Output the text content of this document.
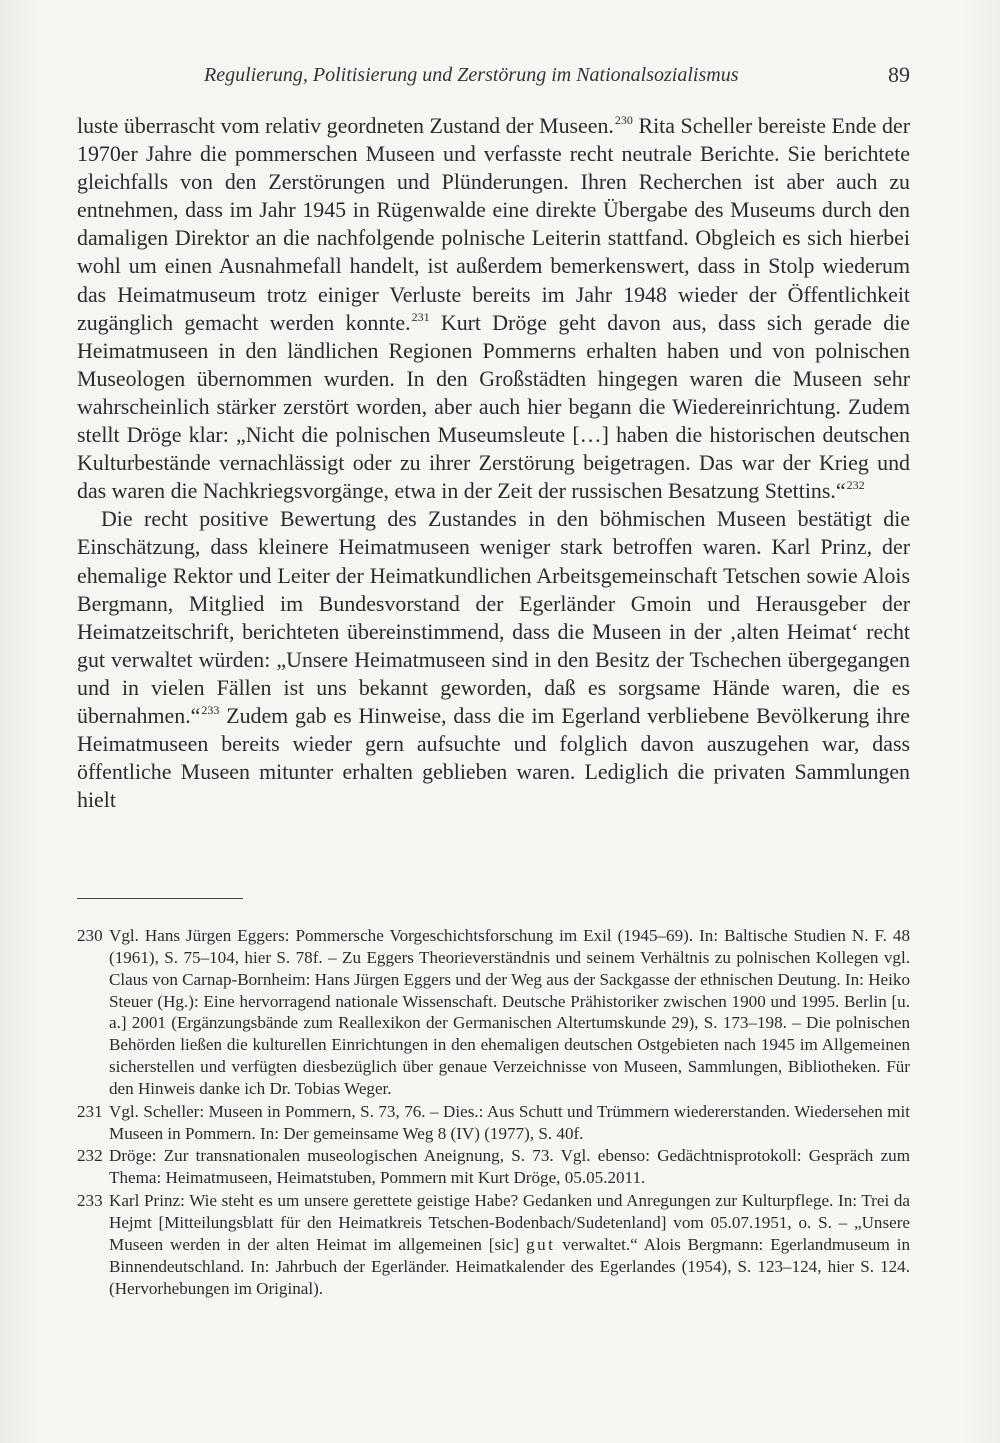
Regulierung, Politisierung und Zerstörung im Nationalsozialismus	89

luste überrascht vom relativ geordneten Zustand der Museen.$^{230}$ Rita Scheller bereiste Ende der 1970er Jahre die pommerschen Museen und verfasste recht neutrale Berichte. Sie berichtete gleichfalls von den Zerstörungen und Plünderungen. Ihren Recherchen ist aber auch zu entnehmen, dass im Jahr 1945 in Rügenwalde eine direkte Übergabe des Museums durch den damaligen Direktor an die nachfolgende polnische Leiterin stattfand. Obgleich es sich hierbei wohl um einen Ausnahmefall handelt, ist außerdem bemerkenswert, dass in Stolp wiederum das Heimatmuseum trotz einiger Verluste bereits im Jahr 1948 wieder der Öffentlichkeit zugänglich gemacht werden konnte.$^{231}$ Kurt Dröge geht davon aus, dass sich gerade die Heimatmuseen in den ländlichen Regionen Pommerns erhalten haben und von polnischen Museologen übernommen wurden. In den Großstädten hingegen waren die Museen sehr wahrscheinlich stärker zerstört worden, aber auch hier begann die Wiedereinrichtung. Zudem stellt Dröge klar: „Nicht die polnischen Museumsleute […] haben die historischen deutschen Kulturbestände vernachlässigt oder zu ihrer Zerstörung beigetragen. Das war der Krieg und das waren die Nachkriegsvorgänge, etwa in der Zeit der russischen Besatzung Stettins.“$^{232}$

Die recht positive Bewertung des Zustandes in den böhmischen Museen bestätigt die Einschätzung, dass kleinere Heimatmuseen weniger stark betroffen waren. Karl Prinz, der ehemalige Rektor und Leiter der Heimatkundlichen Arbeitsgemeinschaft Tetschen sowie Alois Bergmann, Mitglied im Bundesvorstand der Egerländer Gmoin und Herausgeber der Heimatzeitschrift, berichteten übereinstimmend, dass die Museen in der ‚alten Heimat‘ recht gut verwaltet würden: „Unsere Heimatmuseen sind in den Besitz der Tschechen übergegangen und in vielen Fällen ist uns bekannt geworden, daß es sorgsame Hände waren, die es übernahmen.“$^{233}$ Zudem gab es Hinweise, dass die im Egerland verbliebene Bevölkerung ihre Heimatmuseen bereits wieder gern aufsuchte und folglich davon auszugehen war, dass öffentliche Museen mitunter erhalten geblieben waren. Lediglich die privaten Sammlungen hielt

230 Vgl. Hans Jürgen Eggers: Pommersche Vorgeschichtsforschung im Exil (1945–69). In: Baltische Studien N. F. 48 (1961), S. 75–104, hier S. 78f. – Zu Eggers Theorieverständnis und seinem Verhältnis zu polnischen Kollegen vgl. Claus von Carnap-Bornheim: Hans Jürgen Eggers und der Weg aus der Sackgasse der ethnischen Deutung. In: Heiko Steuer (Hg.): Eine hervorragend nationale Wissenschaft. Deutsche Prähistoriker zwischen 1900 und 1995. Berlin [u. a.] 2001 (Ergänzungsbände zum Reallexikon der Germanischen Altertumskunde 29), S. 173–198. – Die polnischen Behörden ließen die kulturellen Einrichtungen in den ehemaligen deutschen Ostgebieten nach 1945 im Allgemeinen sicherstellen und verfügten diesbezüglich über genaue Verzeichnisse von Museen, Sammlungen, Bibliotheken. Für den Hinweis danke ich Dr. Tobias Weger.
231 Vgl. Scheller: Museen in Pommern, S. 73, 76. – Dies.: Aus Schutt und Trümmern wiedererstanden. Wiedersehen mit Museen in Pommern. In: Der gemeinsame Weg 8 (IV) (1977), S. 40f.
232 Dröge: Zur transnationalen museologischen Aneignung, S. 73. Vgl. ebenso: Gedächtnisprotokoll: Gespräch zum Thema: Heimatmuseen, Heimatstuben, Pommern mit Kurt Dröge, 05.05.2011.
233 Karl Prinz: Wie steht es um unsere gerettete geistige Habe? Gedanken und Anregungen zur Kulturpflege. In: Trei da Hejmt [Mitteilungsblatt für den Heimatkreis Tetschen-Bodenbach/Sudetenland] vom 05.07.1951, o. S. – „Unsere Museen werden in der alten Heimat im allgemeinen [sic] gut verwaltet.“ Alois Bergmann: Egerlandmuseum in Binnendeutschland. In: Jahrbuch der Egerländer. Heimatkalender des Egerlandes (1954), S. 123–124, hier S. 124. (Hervorhebungen im Original).
